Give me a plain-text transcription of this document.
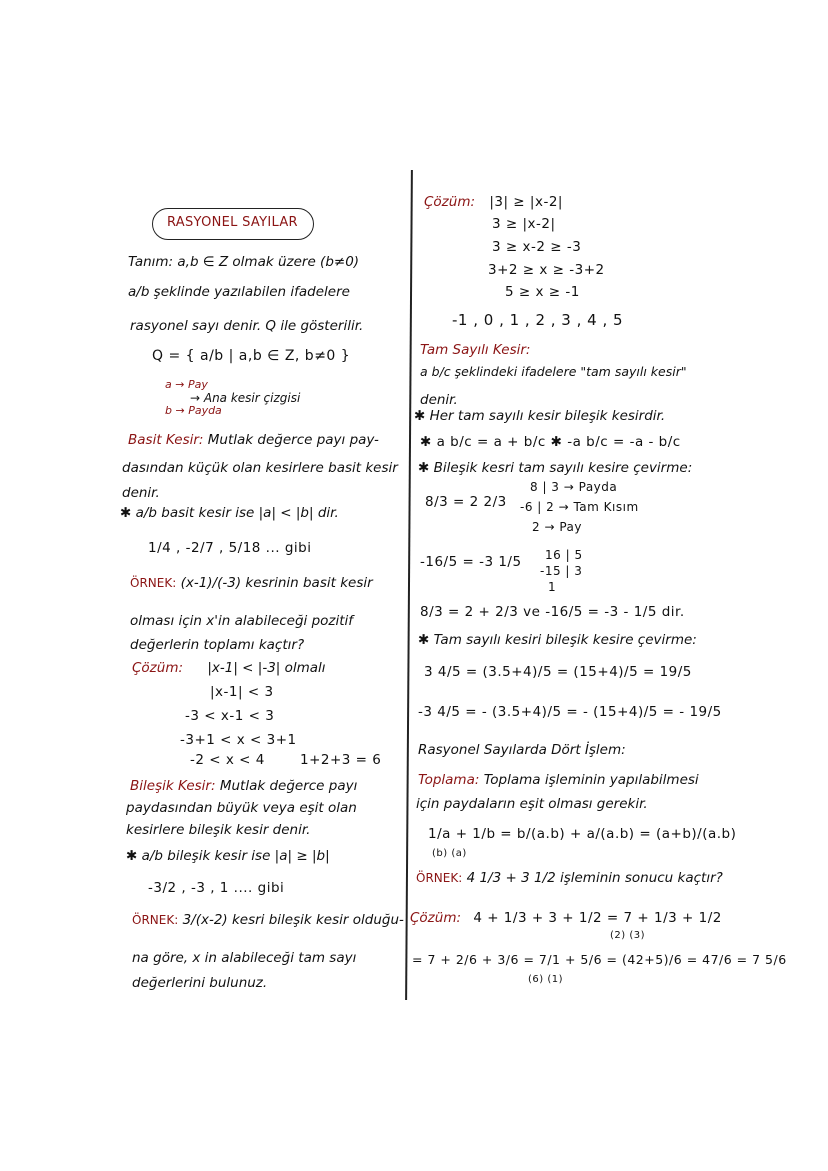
RASYONEL SAYILAR
Tanım: a,b ∈ Z olmak üzere (b≠0)
a/b şeklinde yazılabilen ifadelere
rasyonel sayı denir. Q ile gösterilir.
Q = { a/b | a,b ∈ Z, b≠0 }
a → Pay
→ Ana kesir çizgisi
b → Payda
Basit Kesir: Mutlak değerce payı pay-
dasından küçük olan kesirlere basit kesir
denir.
✱ a/b basit kesir ise |a| < |b| dir.
1/4 , -2/7 , 5/18 ... gibi
ÖRNEK: (x-1)/(-3) kesrinin basit kesir
olması için x'in alabileceği pozitif
değerlerin toplamı kaçtır?
Çözüm: |x-1| < |-3| olmalı
|x-1| < 3
-3 < x-1 < 3
-3+1 < x < 3+1
-2 < x < 4	1+2+3 = 6
Bileşik Kesir: Mutlak değerce payı
paydasından büyük veya eşit olan
kesirlere bileşik kesir denir.
✱ a/b bileşik kesir ise |a| ≥ |b|
-3/2 , -3 , 1 .... gibi
ÖRNEK: 3/(x-2) kesri bileşik kesir olduğu-
na göre, x in alabileceği tam sayı
değerlerini bulunuz.
Çözüm: |3| ≥ |x-2|
3 ≥ |x-2|
3 ≥ x-2 ≥ -3
3+2 ≥ x ≥ -3+2
5 ≥ x ≥ -1
-1 , 0 , 1 , 2 , 3 , 4 , 5
Tam Sayılı Kesir:
a b/c şeklindeki ifadelere "tam sayılı kesir"
denir.
✱ Her tam sayılı kesir bileşik kesirdir.
✱ a b/c = a + b/c ✱ -a b/c = -a - b/c
✱ Bileşik kesri tam sayılı kesire çevirme:
8/3 = 2 2/3
8 | 3 → Payda
-6 | 2 → Tam Kısım
2 → Pay
-16/5 = -3 1/5 16 | 5
-15 | 3
1
8/3 = 2 + 2/3 ve -16/5 = -3 - 1/5 dir.
✱ Tam sayılı kesiri bileşik kesire çevirme:
3 4/5 = (3.5+4)/5 = (15+4)/5 = 19/5
-3 4/5 = - (3.5+4)/5 = - (15+4)/5 = - 19/5
Rasyonel Sayılarda Dört İşlem:
Toplama: Toplama işleminin yapılabilmesi
için paydaların eşit olması gerekir.
1/a + 1/b = b/(a.b) + a/(a.b) = (a+b)/(a.b)
(b) (a)
ÖRNEK: 4 1/3 + 3 1/2 işleminin sonucu kaçtır?
Çözüm: 4 + 1/3 + 3 + 1/2 = 7 + 1/3 + 1/2
(2) (3)
= 7 + 2/6 + 3/6 = 7/1 + 5/6 = (42+5)/6 = 47/6 = 7 5/6
(6) (1)
